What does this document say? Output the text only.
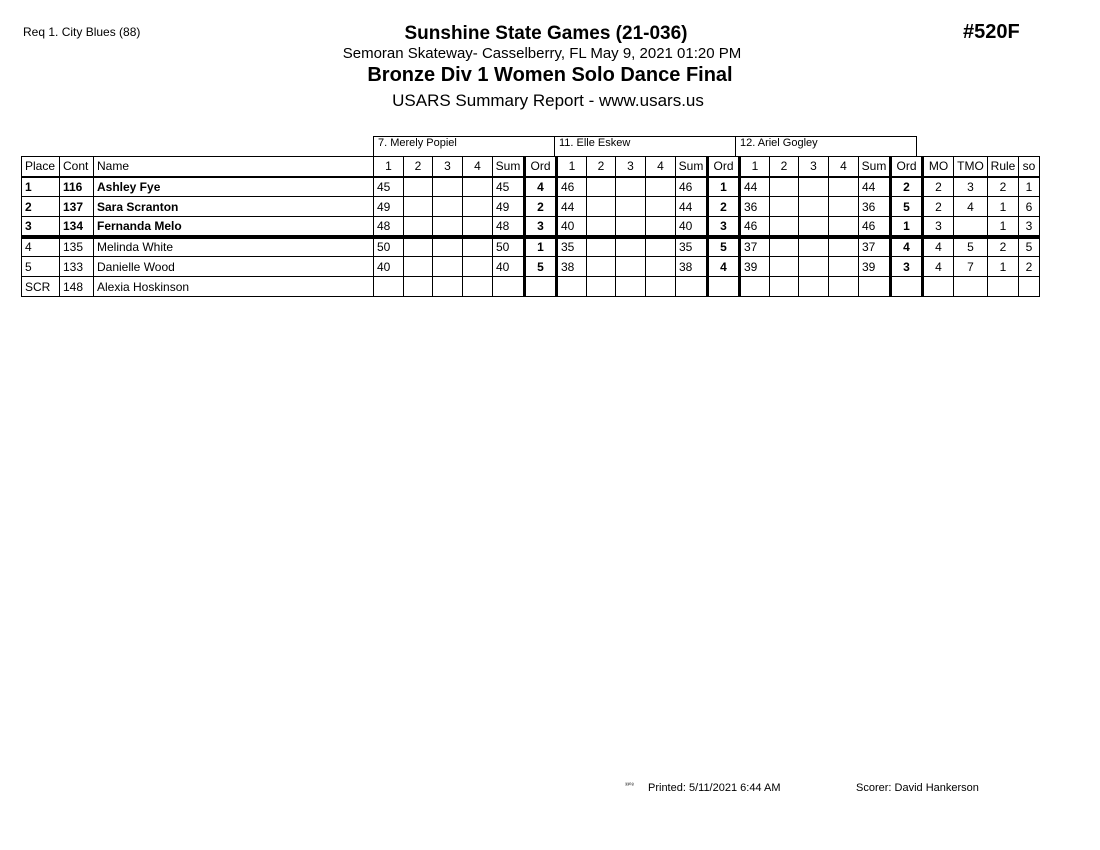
Req 1. City Blues (88)	#520F
Sunshine State Games (21-036)
Semoran Skateway- Casselberry, FL May 9, 2021 01:20 PM
Bronze Div 1 Women Solo Dance Final
USARS Summary Report - www.usars.us
7. Merely Popiel	11. Elle Eskew	12. Ariel Gogley
Place	Cont	Name	1	2	3	4	Sum	Ord	1	2	3	4	Sum	Ord	1	2	3	4	Sum	Ord	MO	TMO	Rule	so
1	116	Ashley Fye	45				45	4	46				46	1	44				44	2	2	3	2	1
2	137	Sara Scranton	49				49	2	44				44	2	36				36	5	2	4	1	6
3	134	Fernanda Melo	48				48	3	40				40	3	46				46	1	3		1	3
4	135	Melinda White	50				50	1	35				35	5	37				37	4	4	5	2	5
5	133	Danielle Wood	40				40	5	38				38	4	39				39	3	4	7	1	2
SCR	148	Alexia Hoskinson																						
³³⁰⁸ Printed: 5/11/2021 6:44 AM	Scorer: David Hankerson
